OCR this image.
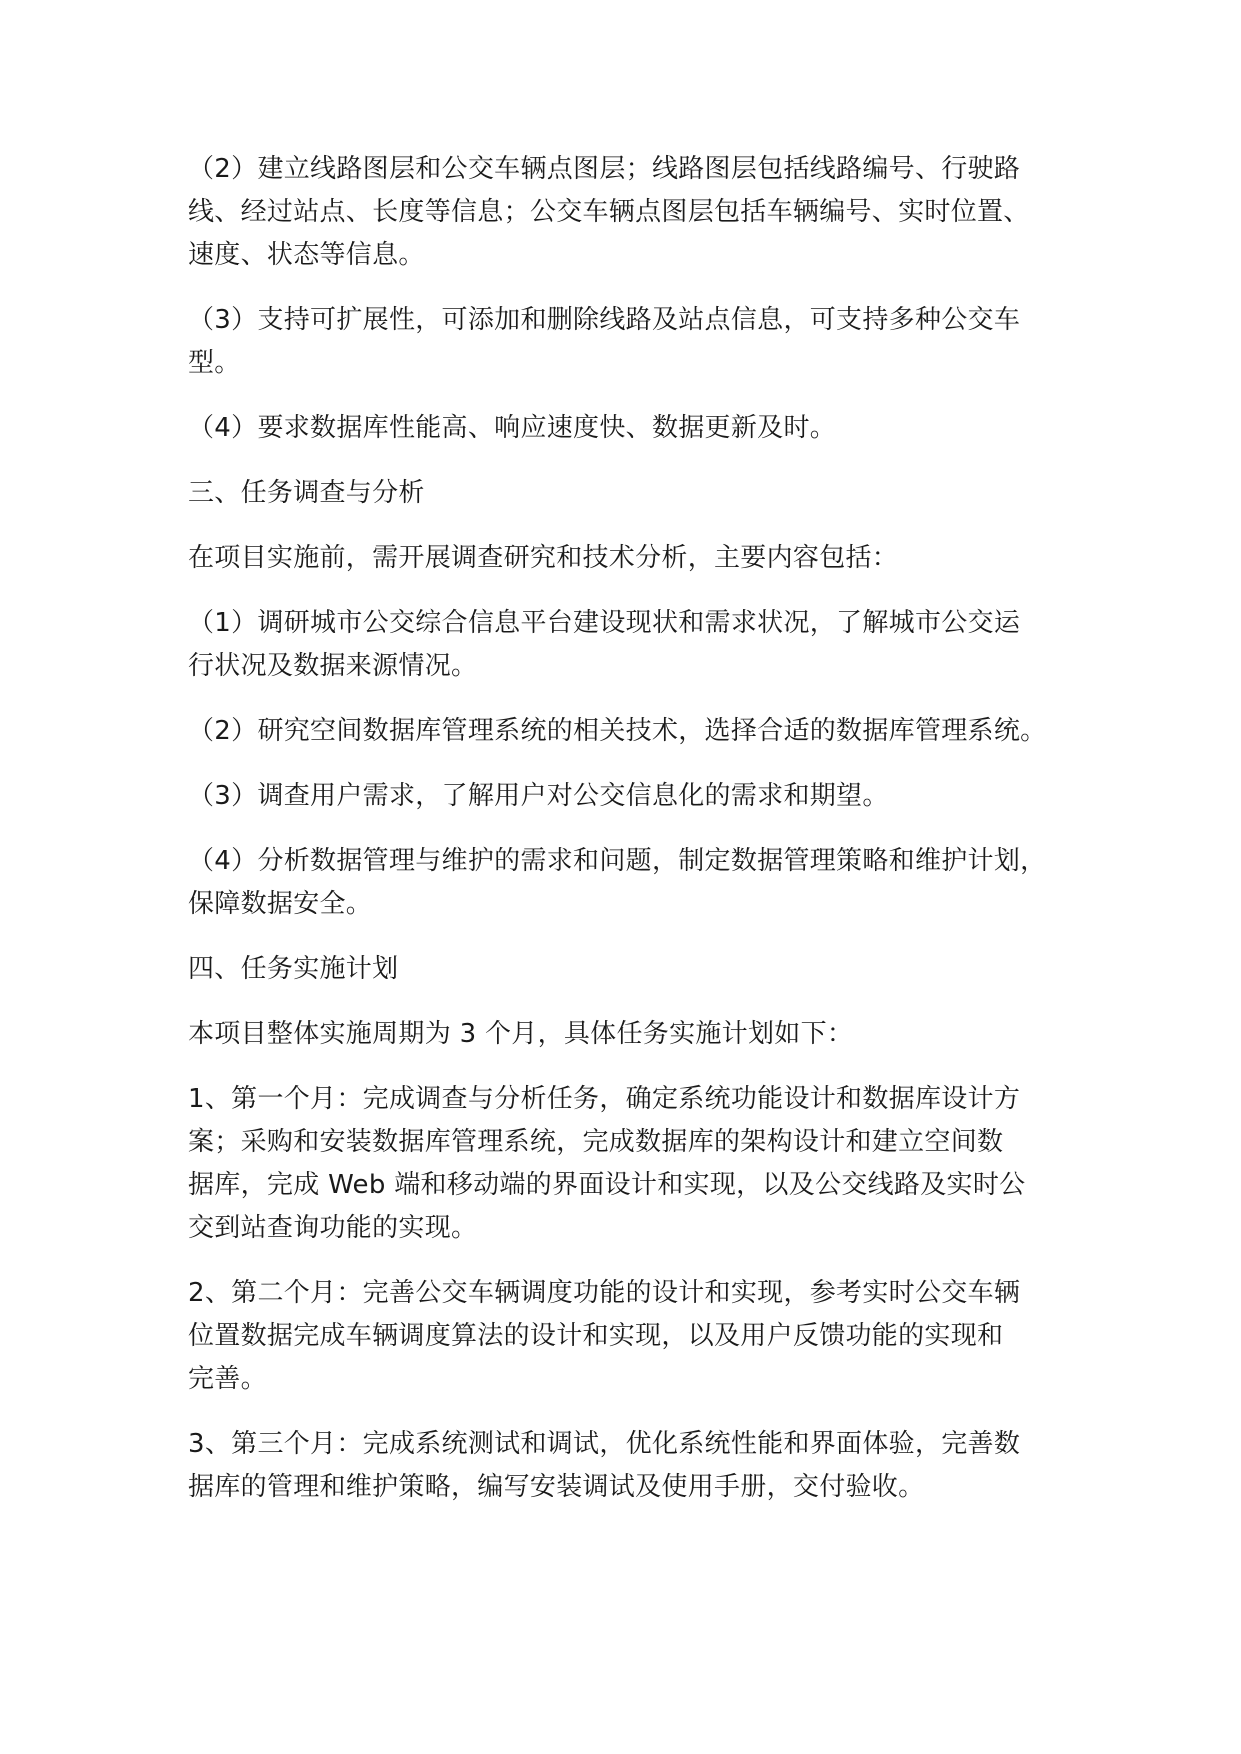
（2）建立线路图层和公交车辆点图层；线路图层包括线路编号、行驶路
线、经过站点、长度等信息；公交车辆点图层包括车辆编号、实时位置、
速度、状态等信息。

（3）支持可扩展性，可添加和删除线路及站点信息，可支持多种公交车
型。

（4）要求数据库性能高、响应速度快、数据更新及时。

三、任务调查与分析

在项目实施前，需开展调查研究和技术分析，主要内容包括：

（1）调研城市公交综合信息平台建设现状和需求状况，了解城市公交运
行状况及数据来源情况。

（2）研究空间数据库管理系统的相关技术，选择合适的数据库管理系统。

（3）调查用户需求，了解用户对公交信息化的需求和期望。

（4）分析数据管理与维护的需求和问题，制定数据管理策略和维护计划，
保障数据安全。

四、任务实施计划

本项目整体实施周期为 3 个月，具体任务实施计划如下：

1、第一个月：完成调查与分析任务，确定系统功能设计和数据库设计方
案；采购和安装数据库管理系统，完成数据库的架构设计和建立空间数
据库，完成 Web 端和移动端的界面设计和实现，以及公交线路及实时公
交到站查询功能的实现。

2、第二个月：完善公交车辆调度功能的设计和实现，参考实时公交车辆
位置数据完成车辆调度算法的设计和实现，以及用户反馈功能的实现和
完善。

3、第三个月：完成系统测试和调试，优化系统性能和界面体验，完善数
据库的管理和维护策略，编写安装调试及使用手册，交付验收。
